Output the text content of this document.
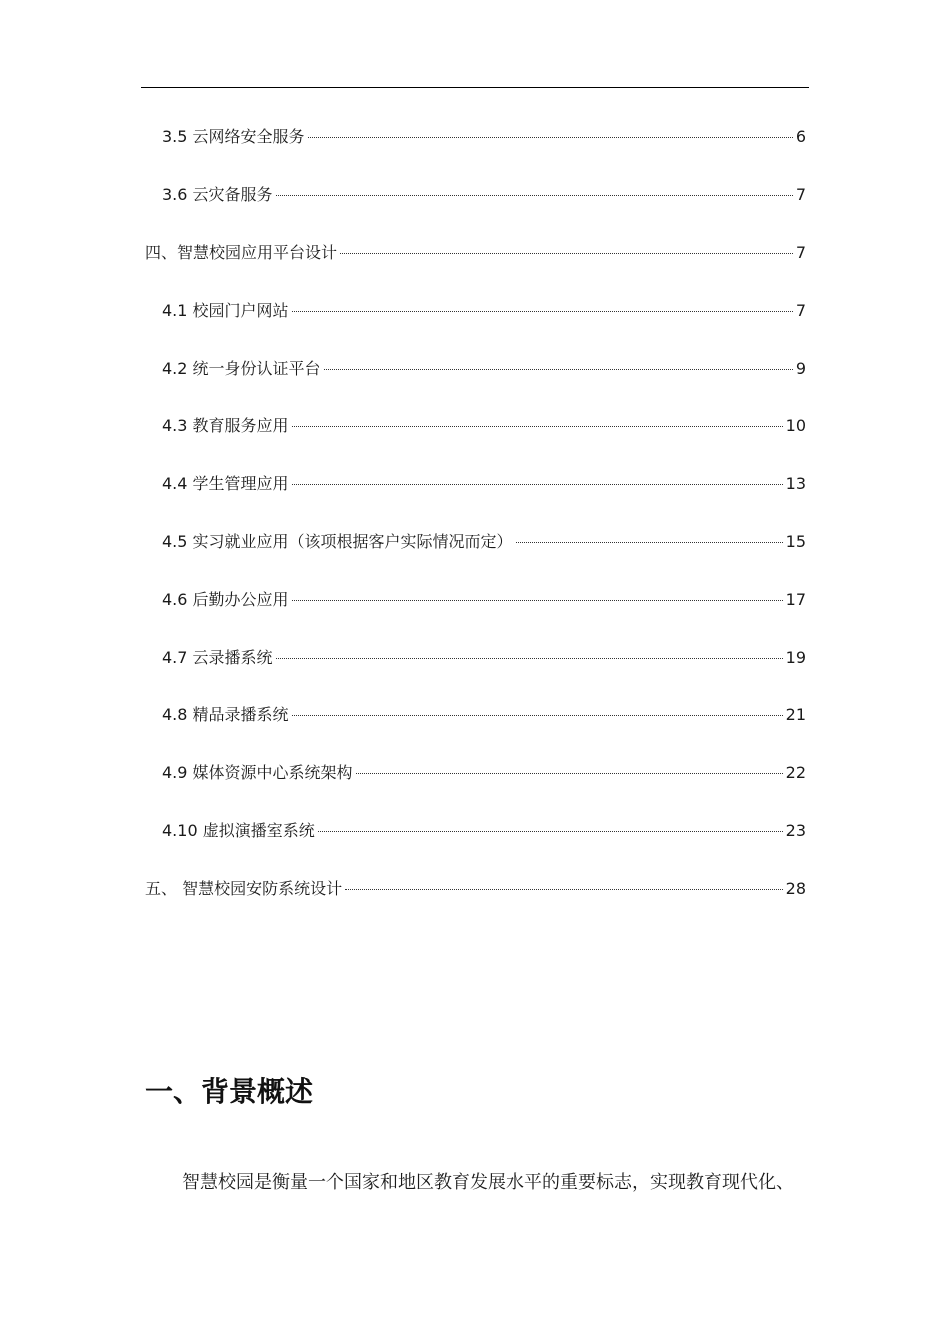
3.5 云网络安全服务	6
3.6 云灾备服务	7
四、智慧校园应用平台设计	7
4.1 校园门户网站	7
4.2 统一身份认证平台	9
4.3 教育服务应用	10
4.4 学生管理应用	13
4.5 实习就业应用（该项根据客户实际情况而定）	15
4.6 后勤办公应用	17
4.7 云录播系统	19
4.8 精品录播系统	21
4.9 媒体资源中心系统架构	22
4.10 虚拟演播室系统	23
五、 智慧校园安防系统设计	28
一、背景概述

智慧校园是衡量一个国家和地区教育发展水平的重要标志，实现教育现代化、
